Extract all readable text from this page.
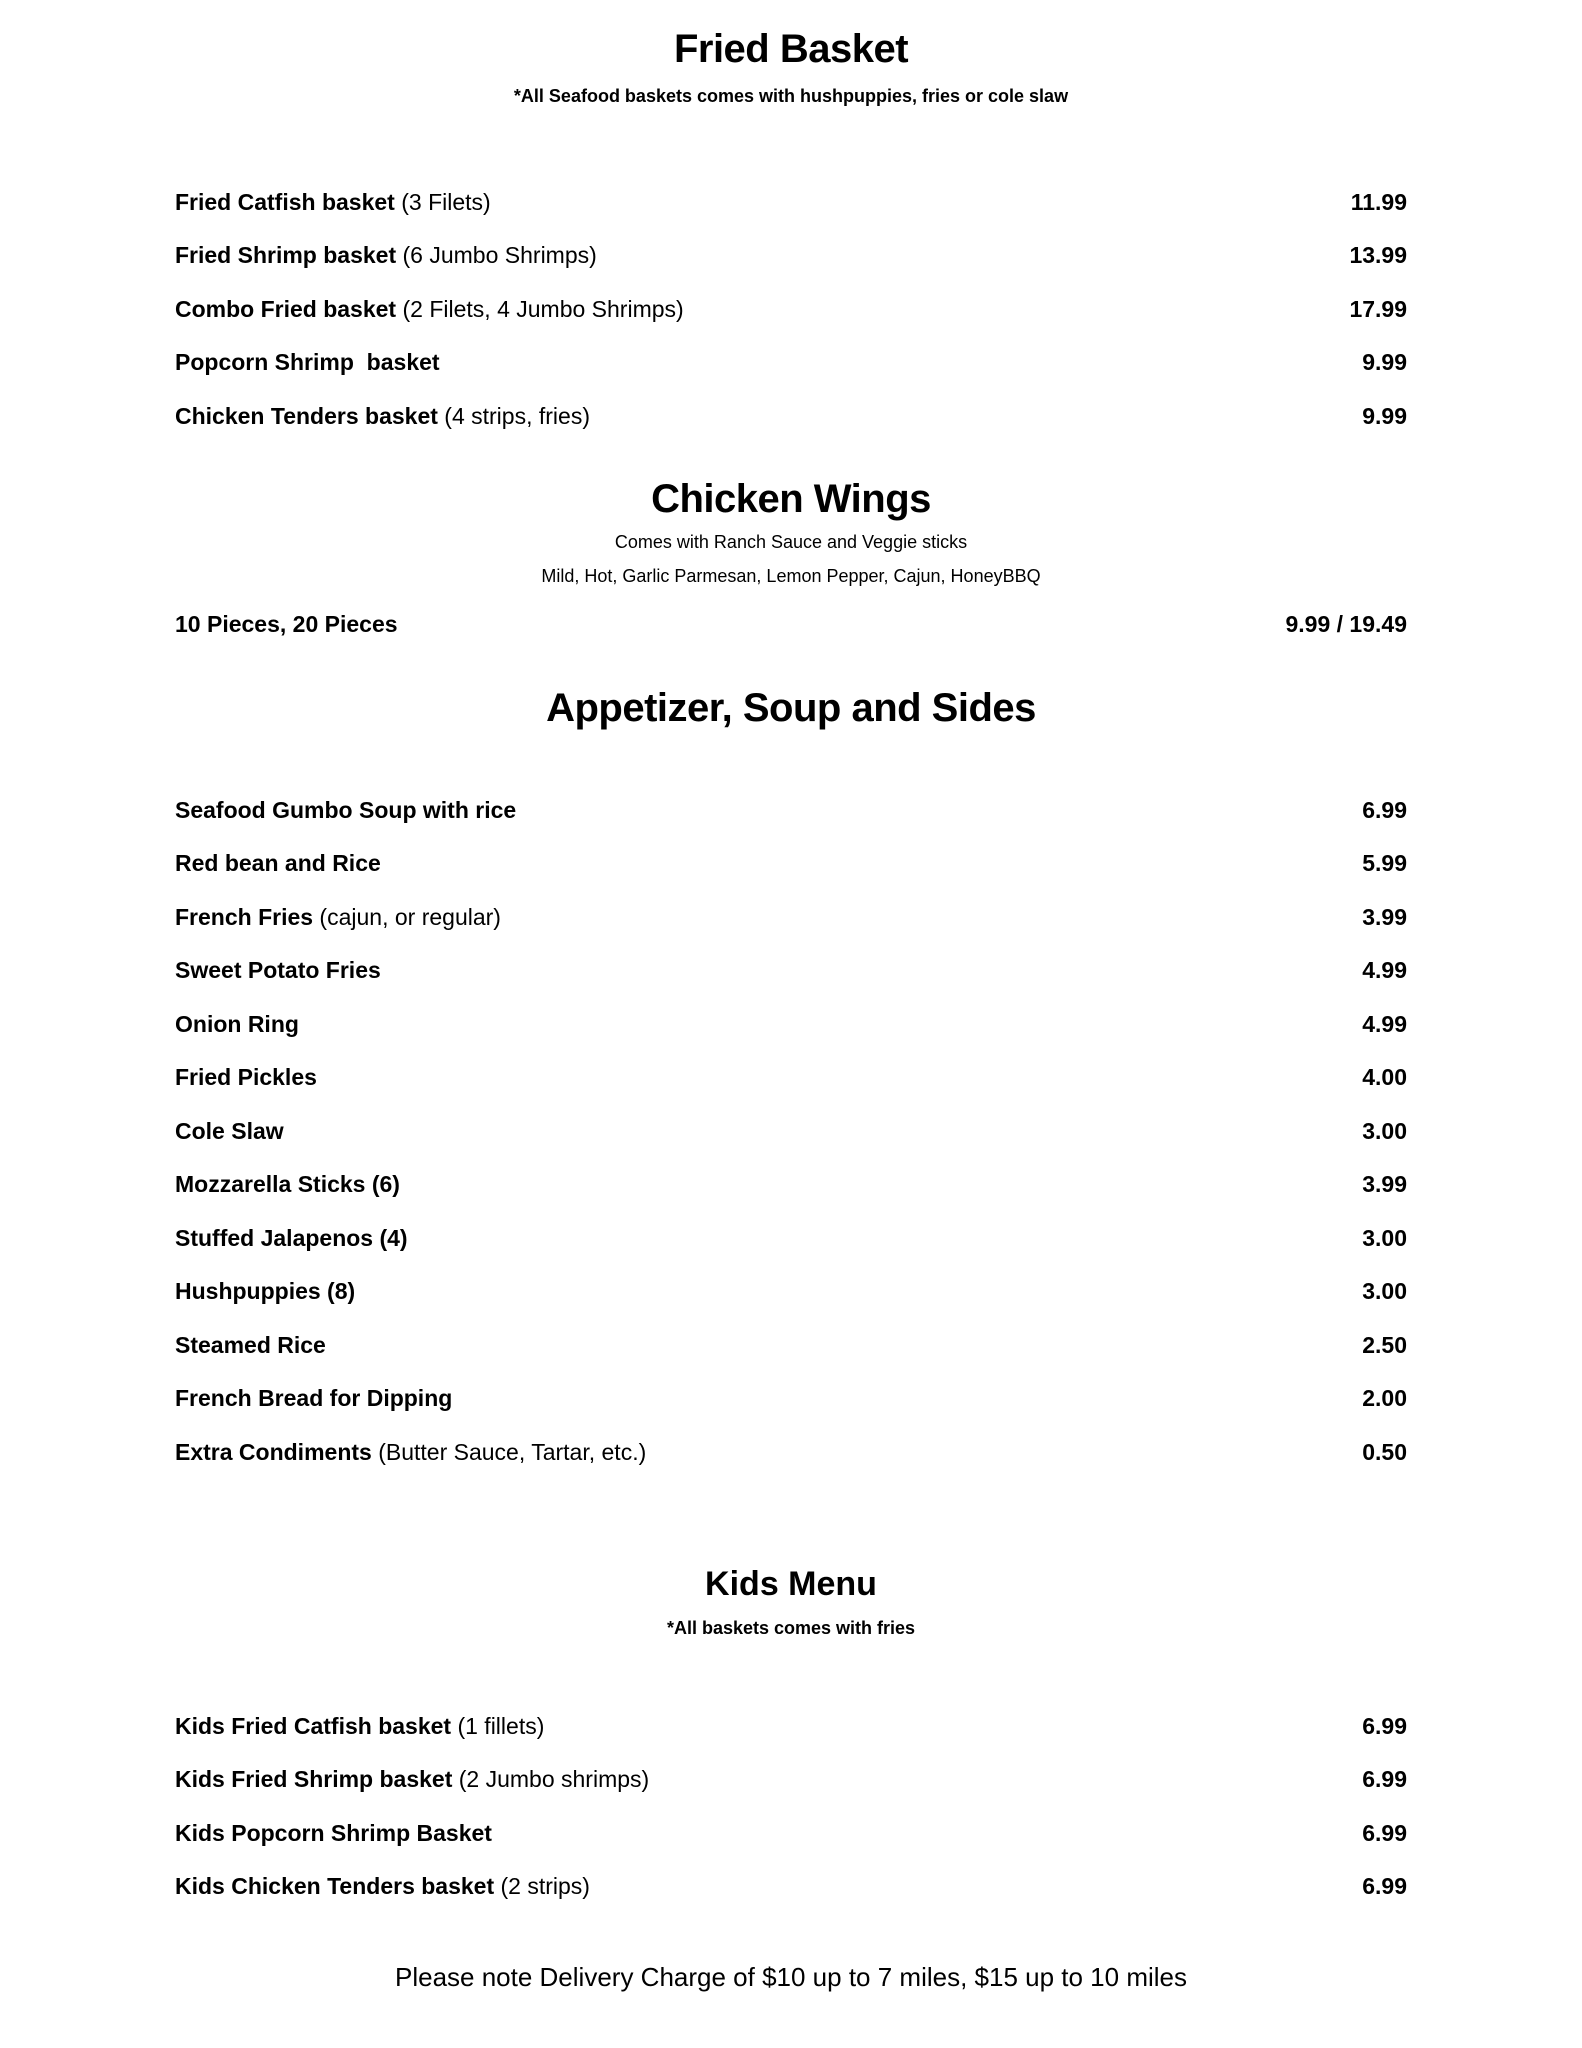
Fried Basket
*All Seafood baskets comes with hushpuppies, fries or cole slaw
Fried Catfish basket (3 Filets)	11.99
Fried Shrimp basket (6 Jumbo Shrimps)	13.99
Combo Fried basket (2 Filets, 4 Jumbo Shrimps)	17.99
Popcorn Shrimp  basket	9.99
Chicken Tenders basket (4 strips, fries)	9.99
Chicken Wings
Comes with Ranch Sauce and Veggie sticks
Mild, Hot, Garlic Parmesan, Lemon Pepper, Cajun, HoneyBBQ
10 Pieces, 20 Pieces	9.99 / 19.49
Appetizer, Soup and Sides
Seafood Gumbo Soup with rice	6.99
Red bean and Rice	5.99
French Fries (cajun, or regular)	3.99
Sweet Potato Fries	4.99
Onion Ring	4.99
Fried Pickles	4.00
Cole Slaw	3.00
Mozzarella Sticks (6)	3.99
Stuffed Jalapenos (4)	3.00
Hushpuppies (8)	3.00
Steamed Rice	2.50
French Bread for Dipping	2.00
Extra Condiments (Butter Sauce, Tartar, etc.)	0.50
Kids Menu
*All baskets comes with fries
Kids Fried Catfish basket (1 fillets)	6.99
Kids Fried Shrimp basket (2 Jumbo shrimps)	6.99
Kids Popcorn Shrimp Basket	6.99
Kids Chicken Tenders basket (2 strips)	6.99
Please note Delivery Charge of $10 up to 7 miles, $15 up to 10 miles
